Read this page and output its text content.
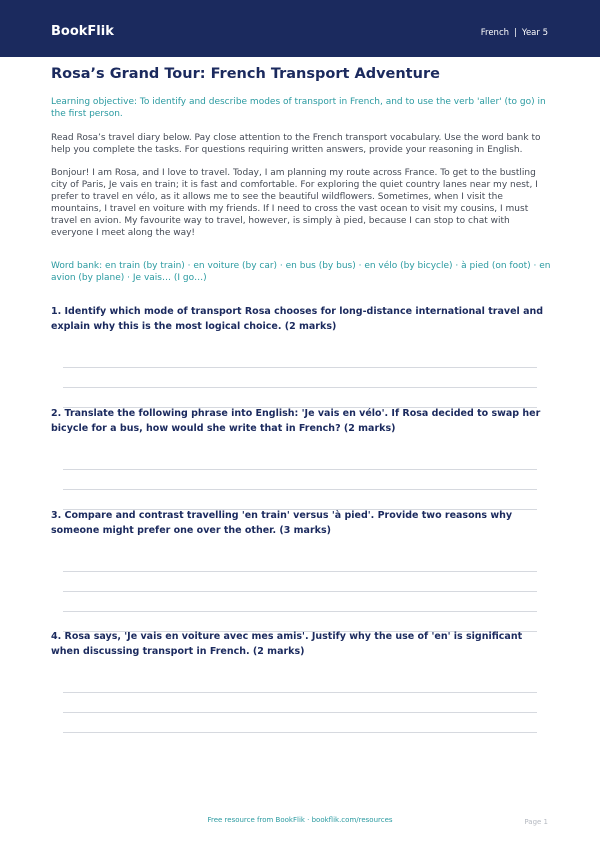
BookFlik	French | Year 5
Rosa’s Grand Tour: French Transport Adventure

Learning objective: To identify and describe modes of transport in French, and to use the verb 'aller' (to go) in the first person.

Read Rosa’s travel diary below. Pay close attention to the French transport vocabulary. Use the word bank to help you complete the tasks. For questions requiring written answers, provide your reasoning in English.

Bonjour! I am Rosa, and I love to travel. Today, I am planning my route across France. To get to the bustling city of Paris, Je vais en train; it is fast and comfortable. For exploring the quiet country lanes near my nest, I prefer to travel en vélo, as it allows me to see the beautiful wildflowers. Sometimes, when I visit the mountains, I travel en voiture with my friends. If I need to cross the vast ocean to visit my cousins, I must travel en avion. My favourite way to travel, however, is simply à pied, because I can stop to chat with everyone I meet along the way!

Word bank: en train (by train) · en voiture (by car) · en bus (by bus) · en vélo (by bicycle) · à pied (on foot) · en avion (by plane) · Je vais… (I go…)

1. Identify which mode of transport Rosa chooses for long-distance international travel and explain why this is the most logical choice. (2 marks)
2. Translate the following phrase into English: 'Je vais en vélo'. If Rosa decided to swap her bicycle for a bus, how would she write that in French? (2 marks)
3. Compare and contrast travelling 'en train' versus 'à pied'. Provide two reasons why someone might prefer one over the other. (3 marks)
4. Rosa says, 'Je vais en voiture avec mes amis'. Justify why the use of 'en' is significant when discussing transport in French. (2 marks)
Free resource from BookFlik · bookflik.com/resources	Page 1
